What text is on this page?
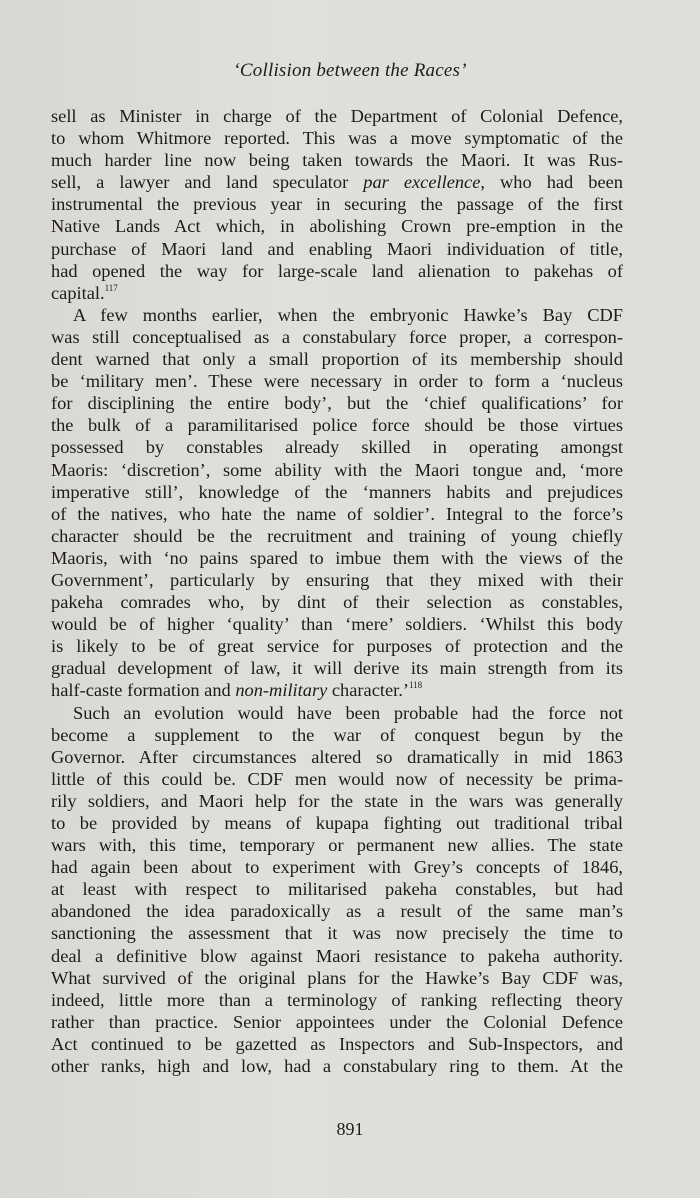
‘Collision between the Races’

sell as Minister in charge of the Department of Colonial Defence,
to whom Whitmore reported. This was a move symptomatic of the
much harder line now being taken towards the Maori. It was Rus-
sell, a lawyer and land speculator par excellence, who had been
instrumental the previous year in securing the passage of the first
Native Lands Act which, in abolishing Crown pre-emption in the
purchase of Maori land and enabling Maori individuation of title,
had opened the way for large-scale land alienation to pakehas of
capital.$^{117}$

A few months earlier, when the embryonic Hawke’s Bay CDF
was still conceptualised as a constabulary force proper, a correspon-
dent warned that only a small proportion of its membership should
be ‘military men’. These were necessary in order to form a ‘nucleus
for disciplining the entire body’, but the ‘chief qualifications’ for
the bulk of a paramilitarised police force should be those virtues
possessed by constables already skilled in operating amongst
Maoris: ‘discretion’, some ability with the Maori tongue and, ‘more
imperative still’, knowledge of the ‘manners habits and prejudices
of the natives, who hate the name of soldier’. Integral to the force’s
character should be the recruitment and training of young chiefly
Maoris, with ‘no pains spared to imbue them with the views of the
Government’, particularly by ensuring that they mixed with their
pakeha comrades who, by dint of their selection as constables,
would be of higher ‘quality’ than ‘mere’ soldiers. ‘Whilst this body
is likely to be of great service for purposes of protection and the
gradual development of law, it will derive its main strength from its
half-caste formation and non-military character.’$^{118}$

Such an evolution would have been probable had the force not
become a supplement to the war of conquest begun by the
Governor. After circumstances altered so dramatically in mid 1863
little of this could be. CDF men would now of necessity be prima-
rily soldiers, and Maori help for the state in the wars was generally
to be provided by means of kupapa fighting out traditional tribal
wars with, this time, temporary or permanent new allies. The state
had again been about to experiment with Grey’s concepts of 1846,
at least with respect to militarised pakeha constables, but had
abandoned the idea paradoxically as a result of the same man’s
sanctioning the assessment that it was now precisely the time to
deal a definitive blow against Maori resistance to pakeha authority.
What survived of the original plans for the Hawke’s Bay CDF was,
indeed, little more than a terminology of ranking reflecting theory
rather than practice. Senior appointees under the Colonial Defence
Act continued to be gazetted as Inspectors and Sub-Inspectors, and
other ranks, high and low, had a constabulary ring to them. At the

891
